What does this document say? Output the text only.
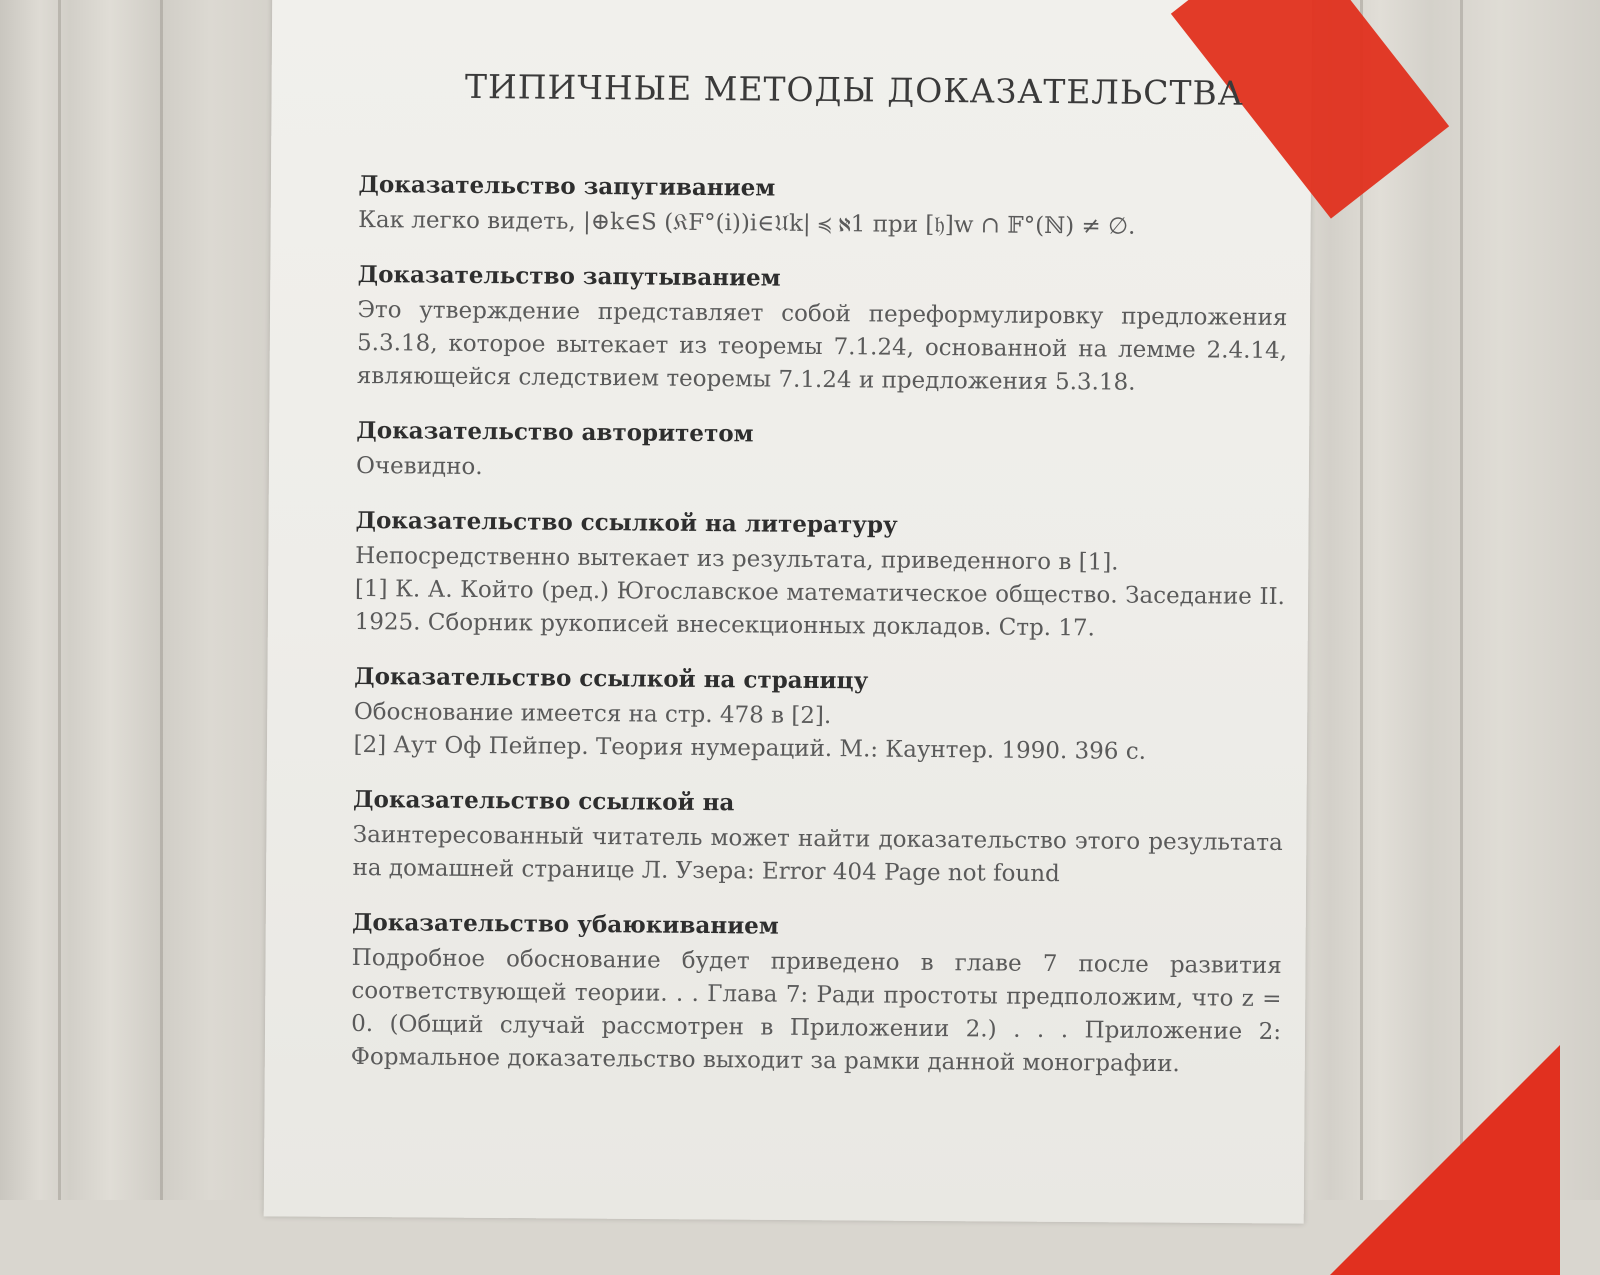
ТИПИЧНЫЕ МЕТОДЫ ДОКАЗАТЕЛЬСТВА
Доказательство запугиванием

Как легко видеть, |⊕k∈S (𝔎F°(i))i∈𝔘k| ≼ ℵ1 при [𝔥]w ∩ 𝔽°(ℕ) ≠ ∅.

Доказательство запутыванием

Это утверждение представляет собой переформулировку предложения 5.3.18, которое вытекает из теоремы 7.1.24, основанной на лемме 2.4.14, являющейся следствием теоремы 7.1.24 и предложения 5.3.18.

Доказательство авторитетом

Очевидно.

Доказательство ссылкой на литературу

Непосредственно вытекает из результата, приведенного в [1].

[1] К. А. Който (ред.) Югославское математическое общество. Заседание II. 1925. Сборник рукописей внесекционных докладов. Стр. 17.

Доказательство ссылкой на страницу

Обоснование имеется на стр. 478 в [2].

[2] Аут Оф Пейпер. Теория нумераций. М.: Каунтер. 1990. 396 с.

Доказательство ссылкой на

Заинтересованный читатель может найти доказательство этого результата на домашней странице Л. Узера: Error 404 Page not found

Доказательство убаюкиванием

Подробное обоснование будет приведено в главе 7 после развития соответствующей теории. . . Глава 7: Ради простоты предположим, что z = 0. (Общий случай рассмотрен в Приложении 2.) . . . Приложение 2: Формальное доказательство выходит за рамки данной монографии.
